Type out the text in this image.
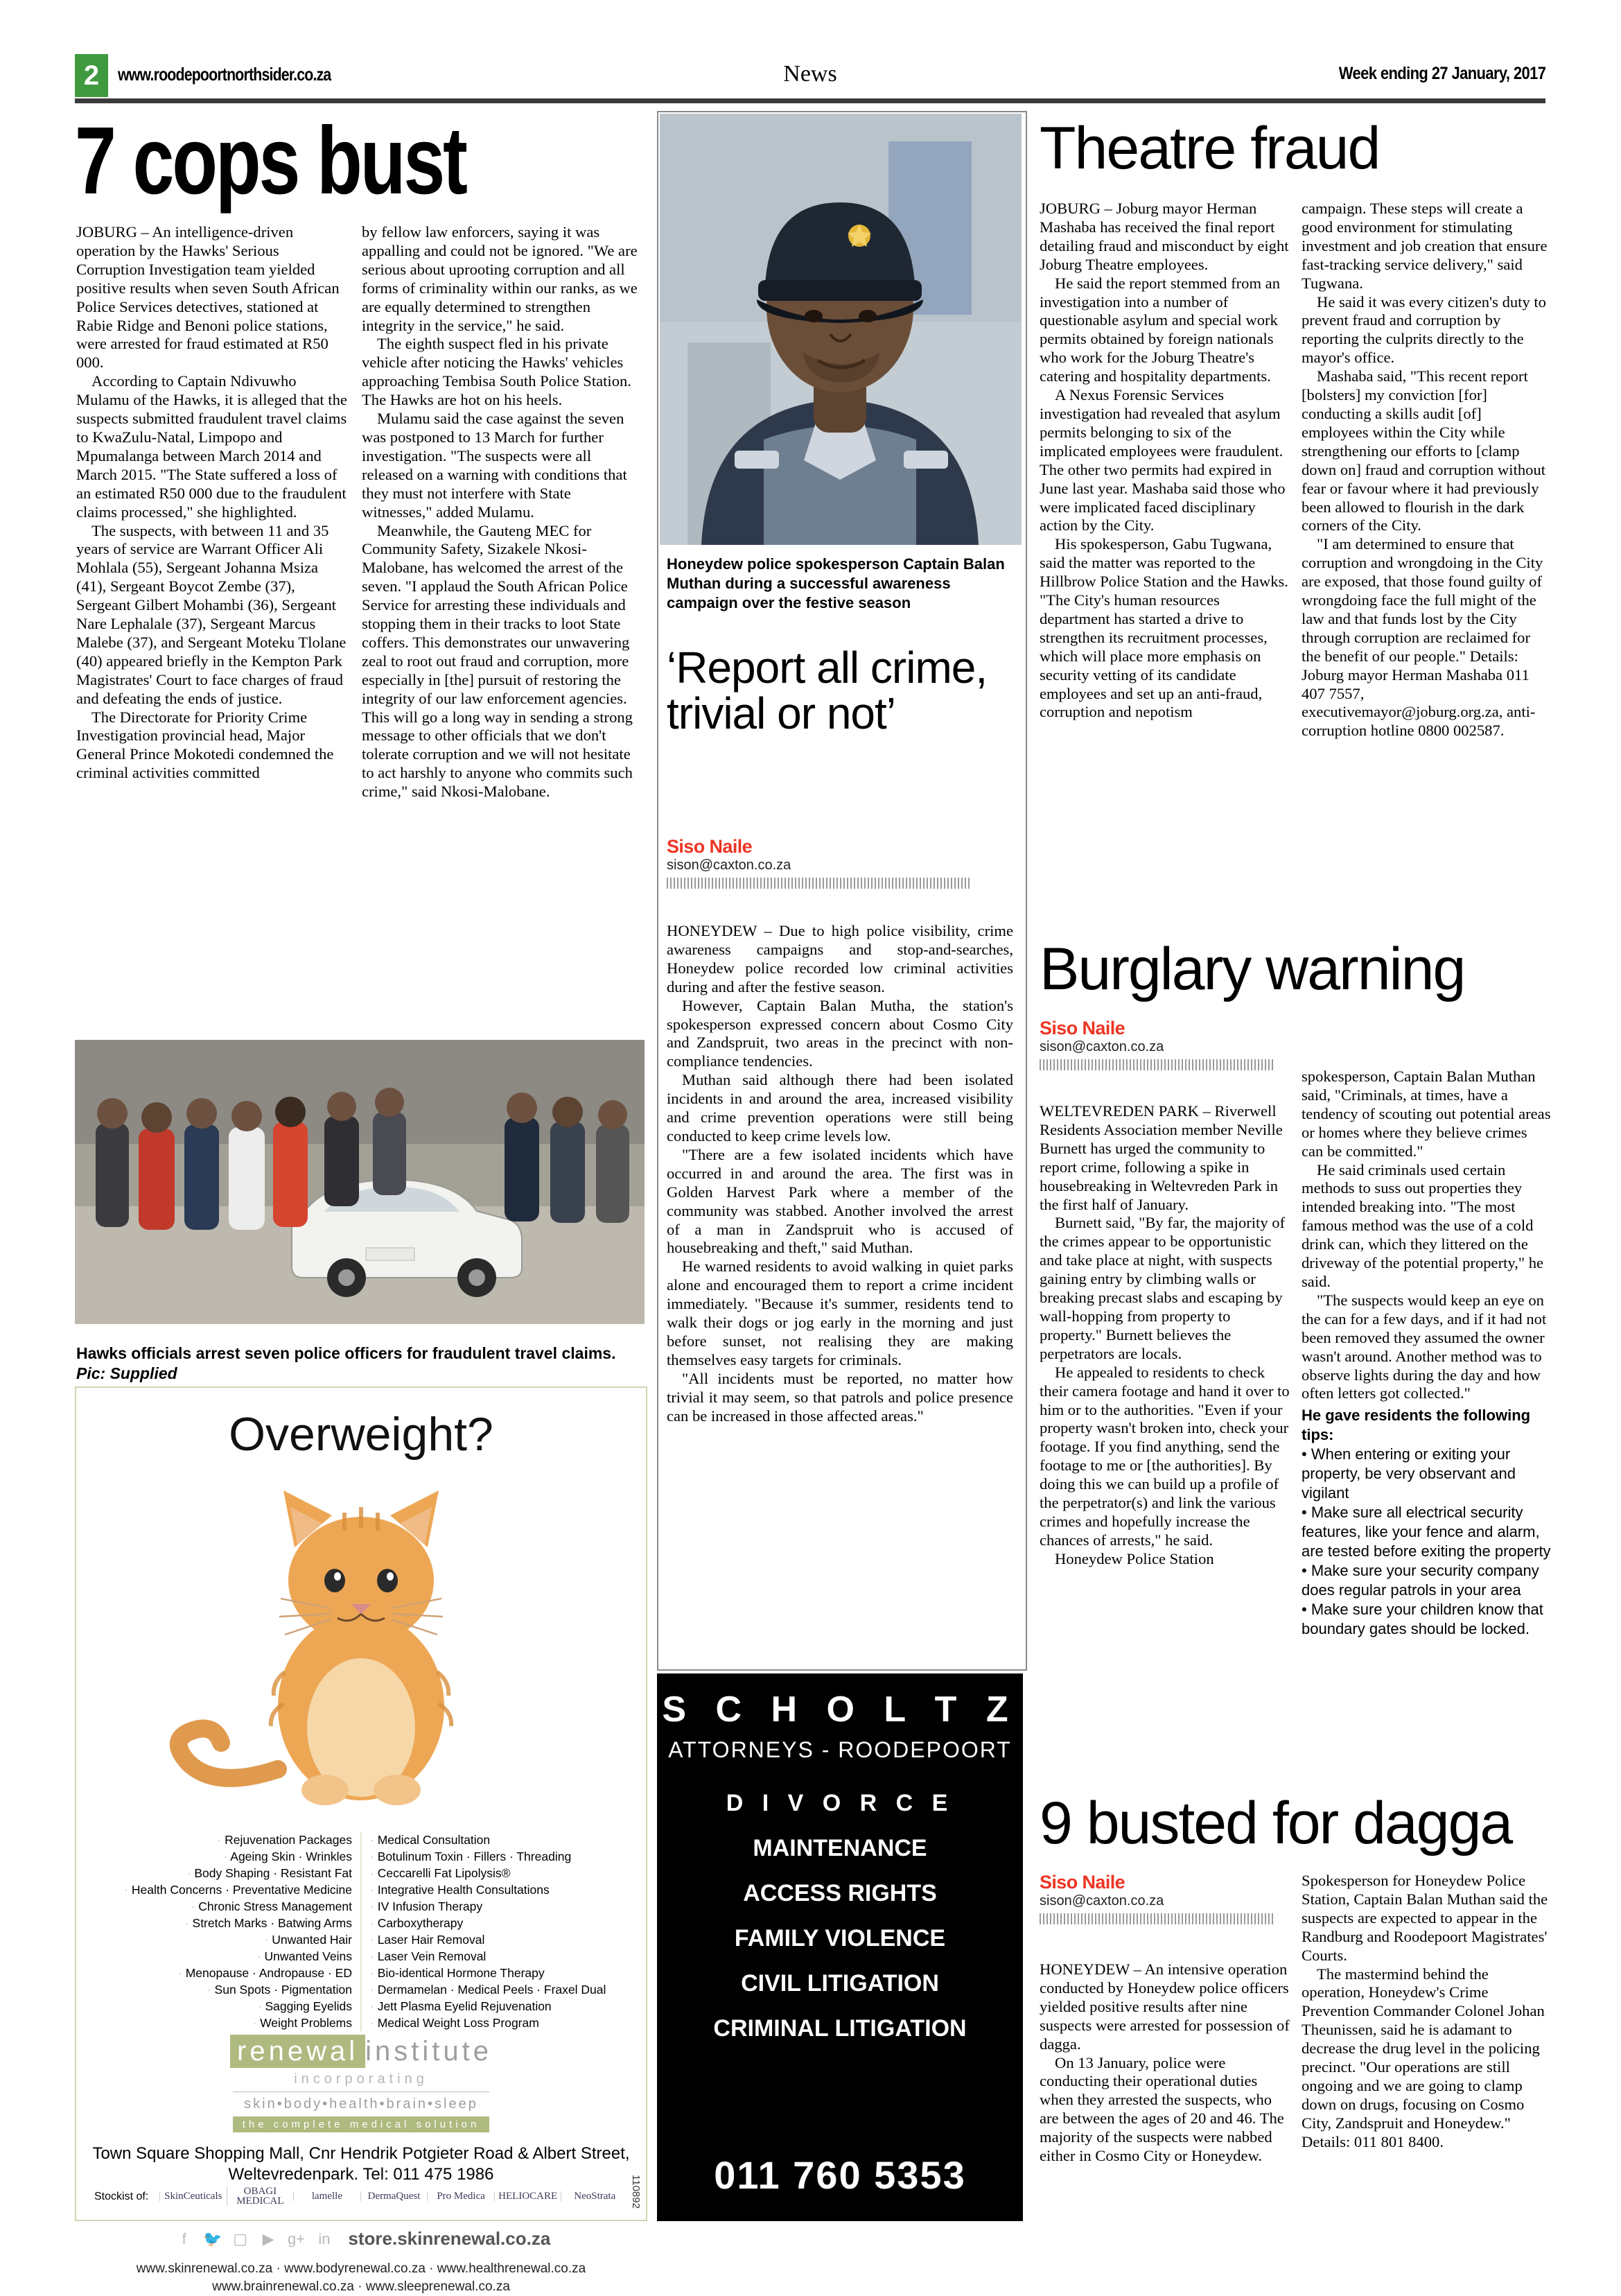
2	www.roodepoortnorthsider.co.za	News	Week ending 27 January, 2017
7 cops bust

JOBURG – An intelligence-driven operation by the Hawks' Serious Corruption Investigation team yielded positive results when seven South African Police Services detectives, stationed at Rabie Ridge and Benoni police stations, were arrested for fraud estimated at R50 000.

According to Captain Ndivuwho Mulamu of the Hawks, it is alleged that the suspects submitted fraudulent travel claims to KwaZulu-Natal, Limpopo and Mpumalanga between March 2014 and March 2015. "The State suffered a loss of an estimated R50 000 due to the fraudulent claims processed," she highlighted.

The suspects, with between 11 and 35 years of service are Warrant Officer Ali Mohlala (55), Sergeant Johanna Msiza (41), Sergeant Boycot Zembe (37), Sergeant Gilbert Mohambi (36), Sergeant Nare Lephalale (37), Sergeant Marcus Malebe (37), and Sergeant Moteku Tlolane (40) appeared briefly in the Kempton Park Magistrates' Court to face charges of fraud and defeating the ends of justice.

The Directorate for Priority Crime Investigation provincial head, Major General Prince Mokotedi condemned the criminal activities committed

by fellow law enforcers, saying it was appalling and could not be ignored. "We are serious about uprooting corruption and all forms of criminality within our ranks, as we are equally determined to strengthen integrity in the service," he said.

The eighth suspect fled in his private vehicle after noticing the Hawks' vehicles approaching Tembisa South Police Station. The Hawks are hot on his heels.

Mulamu said the case against the seven was postponed to 13 March for further investigation. "The suspects were all released on a warning with conditions that they must not interfere with State witnesses," added Mulamu.

Meanwhile, the Gauteng MEC for Community Safety, Sizakele Nkosi-Malobane, has welcomed the arrest of the seven. "I applaud the South African Police Service for arresting these individuals and stopping them in their tracks to loot State coffers. This demonstrates our unwavering zeal to root out fraud and corruption, more especially in [the] pursuit of restoring the integrity of our law enforcement agencies. This will go a long way in sending a strong message to other officials that we don't tolerate corruption and we will not hesitate to act harshly to anyone who commits such crime," said Nkosi-Malobane.

Hawks officials arrest seven police officers for fraudulent travel claims. Pic: Supplied
Overweight?
· Rejuvenation Packages
· Ageing Skin · Wrinkles
· Body Shaping · Resistant Fat
· Health Concerns · Preventative Medicine
· Chronic Stress Management
· Stretch Marks · Batwing Arms
· Unwanted Hair
· Unwanted Veins
· Menopause · Andropause · ED
· Sun Spots · Pigmentation
· Sagging Eyelids
· Weight Problems
· Medical Consultation
· Botulinum Toxin · Fillers · Threading
· Ceccarelli Fat Lipolysis®
· Integrative Health Consultations
· IV Infusion Therapy
· Carboxytherapy
· Laser Hair Removal
· Laser Vein Removal
· Bio-identical Hormone Therapy
· Dermamelan · Medical Peels · Fraxel Dual
· Jett Plasma Eyelid Rejuvenation
· Medical Weight Loss Program
renewal institute
incorporating
skin•body•health•brain•sleep
the complete medical solution
Town Square Shopping Mall, Cnr Hendrik Potgieter Road & Albert Street, Weltevredenpark. Tel: 011 475 1986
Stockist of:	SkinCeuticals	OBAGI MEDICAL	lamelle	DermaQuest	Pro Medica	HELIOCARE	NeoStrata
f 🐦 ▢ ▶ g+ in store.skinrenewal.co.za
www.skinrenewal.co.za · www.bodyrenewal.co.za · www.healthrenewal.co.za
www.brainrenewal.co.za · www.sleeprenewal.co.za
110892
Honeydew police spokesperson Captain Balan Muthan during a successful awareness campaign over the festive season
‘Report all crime, trivial or not’
Siso Naile
sison@caxton.co.za

HONEYDEW – Due to high police visibility, crime awareness campaigns and stop-and-searches, Honeydew police recorded low criminal activities during and after the festive season.

However, Captain Balan Mutha, the station's spokesperson expressed concern about Cosmo City and Zandspruit, two areas in the precinct with non-compliance tendencies.

Muthan said although there had been isolated incidents in and around the area, increased visibility and crime prevention operations were still being conducted to keep crime levels low.

"There are a few isolated incidents which have occurred in and around the area. The first was in Golden Harvest Park where a member of the community was stabbed. Another involved the arrest of a man in Zandspruit who is accused of housebreaking and theft," said Muthan.

He warned residents to avoid walking in quiet parks alone and encouraged them to report a crime incident immediately. "Because it's summer, residents tend to walk their dogs or jog early in the morning and just before sunset, not realising they are making themselves easy targets for criminals.

"All incidents must be reported, no matter how trivial it may seem, so that patrols and police presence can be increased in those affected areas."

S C H O L T Z
ATTORNEYS - ROODEPOORT
D I V O R C E
MAINTENANCE
ACCESS RIGHTS
FAMILY VIOLENCE
CIVIL LITIGATION
CRIMINAL LITIGATION
011 760 5353
Theatre fraud

JOBURG – Joburg mayor Herman Mashaba has received the final report detailing fraud and misconduct by eight Joburg Theatre employees.

He said the report stemmed from an investigation into a number of questionable asylum and special work permits obtained by foreign nationals who work for the Joburg Theatre's catering and hospitality departments.

A Nexus Forensic Services investigation had revealed that asylum permits belonging to six of the implicated employees were fraudulent. The other two permits had expired in June last year. Mashaba said those who were implicated faced disciplinary action by the City.

His spokesperson, Gabu Tugwana, said the matter was reported to the Hillbrow Police Station and the Hawks. "The City's human resources department has started a drive to strengthen its recruitment processes, which will place more emphasis on security vetting of its candidate employees and set up an anti-fraud, corruption and nepotism

campaign. These steps will create a good environment for stimulating investment and job creation that ensure fast-tracking service delivery," said Tugwana.

He said it was every citizen's duty to prevent fraud and corruption by reporting the culprits directly to the mayor's office.

Mashaba said, "This recent report [bolsters] my conviction [for] conducting a skills audit [of] employees within the City while strengthening our efforts to [clamp down on] fraud and corruption without fear or favour where it had previously been allowed to flourish in the dark corners of the City.

"I am determined to ensure that corruption and wrongdoing in the City are exposed, that those found guilty of wrongdoing face the full might of the law and that funds lost by the City through corruption are reclaimed for the benefit of our people." Details: Joburg mayor Herman Mashaba 011 407 7557, executivemayor@joburg.org.za, anti-corruption hotline 0800 002587.

Burglary warning
Siso Naile
sison@caxton.co.za

WELTEVREDEN PARK – Riverwell Residents Association member Neville Burnett has urged the community to report crime, following a spike in housebreaking in Weltevreden Park in the first half of January.

Burnett said, "By far, the majority of the crimes appear to be opportunistic and take place at night, with suspects gaining entry by climbing walls or breaking precast slabs and escaping by wall-hopping from property to property." Burnett believes the perpetrators are locals.

He appealed to residents to check their camera footage and hand it over to him or to the authorities. "Even if your property wasn't broken into, check your footage. If you find anything, send the footage to me or [the authorities]. By doing this we can build up a profile of the perpetrator(s) and link the various crimes and hopefully increase the chances of arrests," he said.

Honeydew Police Station

spokesperson, Captain Balan Muthan said, "Criminals, at times, have a tendency of scouting out potential areas or homes where they believe crimes can be committed."

He said criminals used certain methods to suss out properties they intended breaking into. "The most famous method was the use of a cold drink can, which they littered on the driveway of the potential property," he said.

"The suspects would keep an eye on the can for a few days, and if it had not been removed they assumed the owner wasn't around. Another method was to observe lights during the day and how often letters got collected."

He gave residents the following tips:
• When entering or exiting your property, be very observant and vigilant
• Make sure all electrical security features, like your fence and alarm, are tested before exiting the property
• Make sure your security company does regular patrols in your area
• Make sure your children know that boundary gates should be locked.
9 busted for dagga
Siso Naile
sison@caxton.co.za

HONEYDEW – An intensive operation conducted by Honeydew police officers yielded positive results after nine suspects were arrested for possession of dagga.

On 13 January, police were conducting their operational duties when they arrested the suspects, who are between the ages of 20 and 46. The majority of the suspects were nabbed either in Cosmo City or Honeydew.

Spokesperson for Honeydew Police Station, Captain Balan Muthan said the suspects are expected to appear in the Randburg and Roodepoort Magistrates' Courts.

The mastermind behind the operation, Honeydew's Crime Prevention Commander Colonel Johan Theunissen, said he is adamant to decrease the drug level in the policing precinct. "Our operations are still ongoing and we are going to clamp down on drugs, focusing on Cosmo City, Zandspruit and Honeydew." Details: 011 801 8400.
